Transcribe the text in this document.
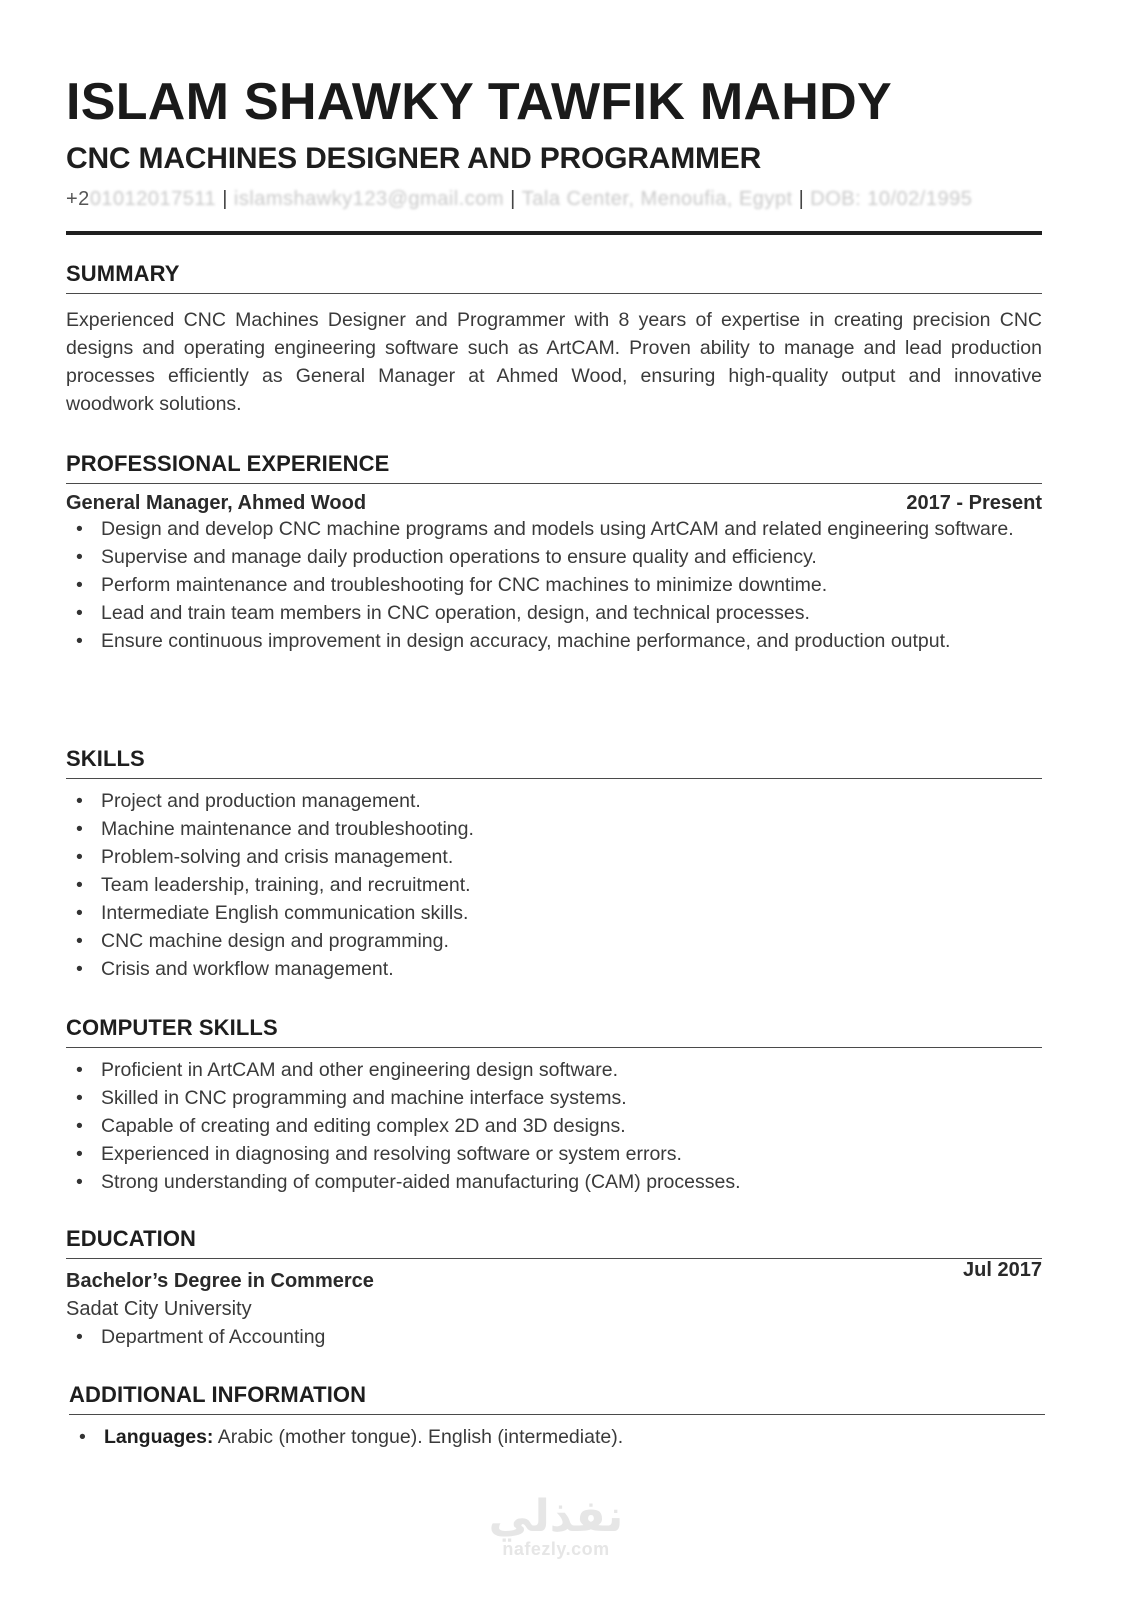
ISLAM SHAWKY TAWFIK MAHDY
CNC MACHINES DESIGNER AND PROGRAMMER
+201012017511 | islamshawky123@gmail.com | Tala Center, Menoufia, Egypt | DOB: 10/02/1995
SUMMARY
Experienced CNC Machines Designer and Programmer with 8 years of expertise in creating precision CNC designs and operating engineering software such as ArtCAM. Proven ability to manage and lead production processes efficiently as General Manager at Ahmed Wood, ensuring high-quality output and innovative woodwork solutions.
PROFESSIONAL EXPERIENCE
General Manager, Ahmed Wood	2017 - Present
• Design and develop CNC machine programs and models using ArtCAM and related engineering software.
• Supervise and manage daily production operations to ensure quality and efficiency.
• Perform maintenance and troubleshooting for CNC machines to minimize downtime.
• Lead and train team members in CNC operation, design, and technical processes.
• Ensure continuous improvement in design accuracy, machine performance, and production output.
SKILLS
• Project and production management.
• Machine maintenance and troubleshooting.
• Problem-solving and crisis management.
• Team leadership, training, and recruitment.
• Intermediate English communication skills.
• CNC machine design and programming.
• Crisis and workflow management.
COMPUTER SKILLS
• Proficient in ArtCAM and other engineering design software.
• Skilled in CNC programming and machine interface systems.
• Capable of creating and editing complex 2D and 3D designs.
• Experienced in diagnosing and resolving software or system errors.
• Strong understanding of computer-aided manufacturing (CAM) processes.
EDUCATION
Bachelor’s Degree in Commerce	Jul 2017
Sadat City University
• Department of Accounting
ADDITIONAL INFORMATION
• Languages: Arabic (mother tongue). English (intermediate).
نفذلي
nafezly.com
